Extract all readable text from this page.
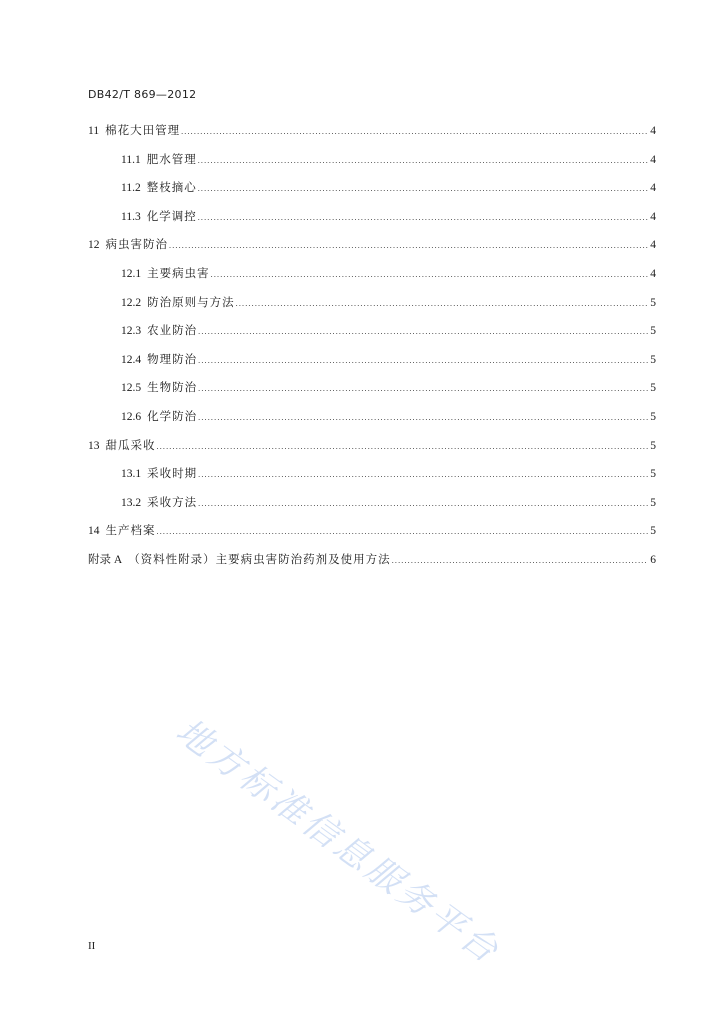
DB42/T 869—2012
11 棉花大田管理 .....	4
11.1 肥水管理 .....	4
11.2 整枝摘心 .....	4
11.3 化学调控 .....	4
12 病虫害防治 .....	4
12.1 主要病虫害 .....	4
12.2 防治原则与方法 .....	5
12.3 农业防治 .....	5
12.4 物理防治 .....	5
12.5 生物防治 .....	5
12.6 化学防治 .....	5
13 甜瓜采收 .....	5
13.1 采收时期 .....	5
13.2 采收方法 .....	5
14 生产档案 .....	5
附录 A （资料性附录）主要病虫害防治药剂及使用方法 .....	6
地方标准信息服务平台
II
